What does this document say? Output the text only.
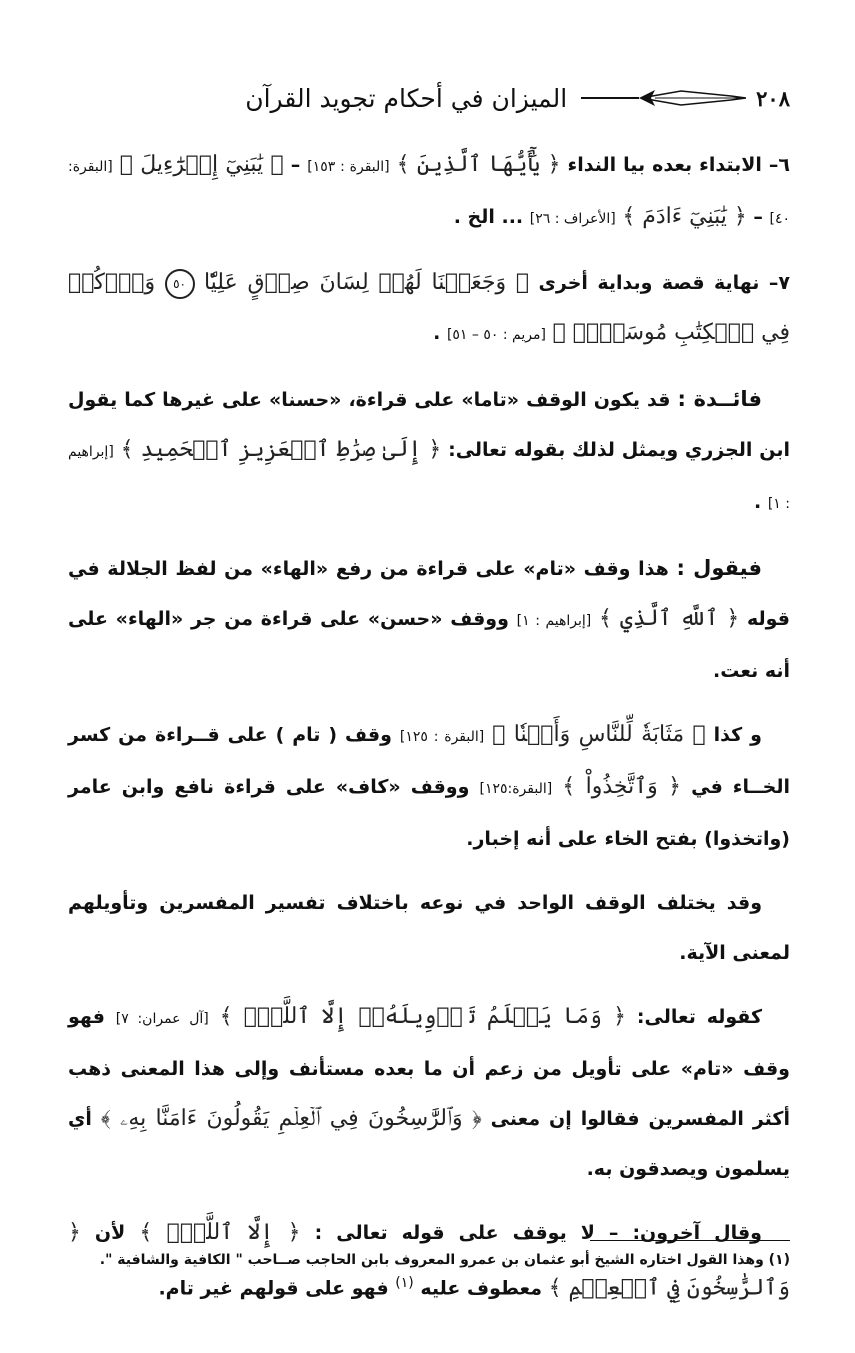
٢٠٨
الميزان في أحكام تجويد القرآن

٦– الابتداء بعده بيا النداء ﴿ يَٰٓأَيُّهَا ٱلَّذِينَ ﴾ [البقرة : ١٥٣] – ﴿ يَٰبَنِيٓ إِسۡرَٰٓءِيلَ ﴾ [البقرة: ٤٠] – ﴿ يَٰبَنِيٓ ءَادَمَ ﴾ [الأعراف : ٢٦] ... الخ .

٧– نهاية قصة وبداية أخرى ﴿ وَجَعَلۡنَا لَهُمۡ لِسَانَ صِدۡقٍ عَلِيّٗا ٥٠ وَٱذۡكُرۡ فِي ٱلۡكِتَٰبِ مُوسَىٰٓۚ ﴾ [مريم : ٥٠ – ٥١] .

فائــدة : قد يكون الوقف «تاما» على قراءة، «حسنا» على غيرها كما يقول ابن الجزري ويمثل لذلك بقوله تعالى: ﴿ إِلَىٰ صِرَٰطِ ٱلۡعَزِيزِ ٱلۡحَمِيدِ ﴾ [إبراهيم : ١] .

فيقول : هذا وقف «تام» على قراءة من رفع «الهاء» من لفظ الجلالة في قوله ﴿ ٱللَّهِ ٱلَّذِي ﴾ [إبراهيم : ١] ووقف «حسن» على قراءة من جر «الهاء» على أنه نعت.

و كذا ﴿ مَثَابَةٗ لِّلنَّاسِ وَأَمۡنٗا ﴾ [البقرة : ١٢٥] وقف ( تام ) على قــراءة من كسر الخــاء في ﴿ وَٱتَّخِذُواْ ﴾ [البقرة:١٢٥] ووقف «كاف» على قراءة نافع وابن عامر (واتخذوا) بفتح الخاء على أنه إخبار.

وقد يختلف الوقف الواحد في نوعه باختلاف تفسير المفسرين وتأويلهم لمعنى الآية.

كقوله تعالى: ﴿ وَمَا يَعۡلَمُ تَأۡوِيلَهُۥٓ إِلَّا ٱللَّهُۗ ﴾ [آل عمران: ٧] فهو وقف «تام» على تأويل من زعم أن ما بعده مستأنف وإلى هذا المعنى ذهب أكثر المفسرين فقالوا إن معنى ﴿ وَٱلرَّٰسِخُونَ فِي ٱلۡعِلۡمِ يَقُولُونَ ءَامَنَّا بِهِۦ ﴾ أي يسلمون ويصدقون به.

وقال آخرون: – لا يوقف على قوله تعالى : ﴿ إِلَّا ٱللَّهُۗ ﴾ لأن ﴿ وَٱلرَّٰسِخُونَ فِي ٱلۡعِلۡمِ ﴾ معطوف عليه $^{(١)}$ فهو على قولهم غير تام.

(١) وهذا القول اختاره الشيخ أبو عثمان بن عمرو المعروف بابن الحاجب صــاحب " الكافية والشافية ".
